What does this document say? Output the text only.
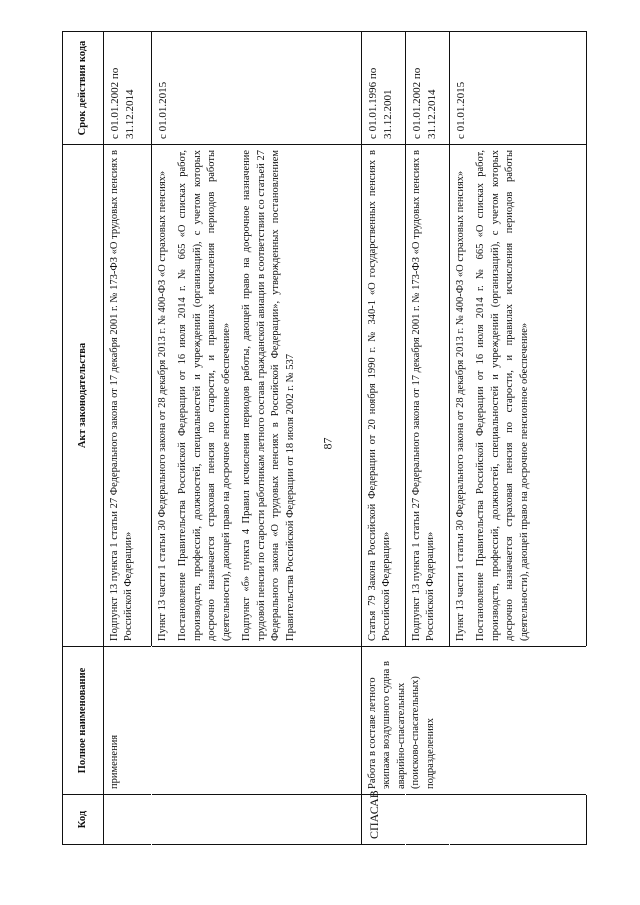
87
Код	Полное наименование	Акт законодательства	Срок действия кода
	применения	Подпункт 13 пункта 1 статьи 27 Федерального закона от 17 декабря 2001 г. № 173-ФЗ «О трудовых пенсиях в Российской Федерации»	с 01.01.2002 по 31.12.2014

		Пункт 13 части 1 статьи 30 Федерального закона от 28 декабря 2013 г. № 400-ФЗ «О страховых пенсиях» Постановление Правительства Российской Федерации от 16 июля 2014 г. № 665 «О списках работ, производств, профессий, должностей, специальностей и учреждений (организаций), с учетом которых досрочно назначается страховая пенсия по старости, и правилах исчисления периодов работы (деятельности), дающей право на досрочное пенсионное обеспечение» Подпункт «б» пункта 4 Правил исчисления периодов работы, дающей право на досрочное назначение трудовой пенсии по старости работникам летного состава гражданской авиации в соответствии со статьей 27 Федерального закона «О трудовых пенсиях в Российской Федерации», утвержденных постановлением Правительства Российской Федерации от 18 июля 2002 г. № 537	с 01.01.2015
СПАСАВ	Работа в составе летного экипажа воздушного судна в аварийно-спасательных (поисково-спасательных) подразделениях	Статья 79 Закона Российской Федерации от 20 ноября 1990 г. № 340-1 «О государственных пенсиях в Российской Федерации»	с 01.01.1996 по 31.12.2001

		Подпункт 13 пункта 1 статьи 27 Федерального закона от 17 декабря 2001 г. № 173-ФЗ «О трудовых пенсиях в Российской Федерации»	с 01.01.2002 по 31.12.2014

		Пункт 13 части 1 статьи 30 Федерального закона от 28 декабря 2013 г. № 400-ФЗ «О страховых пенсиях» Постановление Правительства Российской Федерации от 16 июля 2014 г. № 665 «О списках работ, производств, профессий, должностей, специальностей и учреждений (организаций), с учетом которых досрочно назначается страховая пенсия по старости, и правилах исчисления периодов работы (деятельности), дающей право на досрочное пенсионное обеспечение»	с 01.01.2015
